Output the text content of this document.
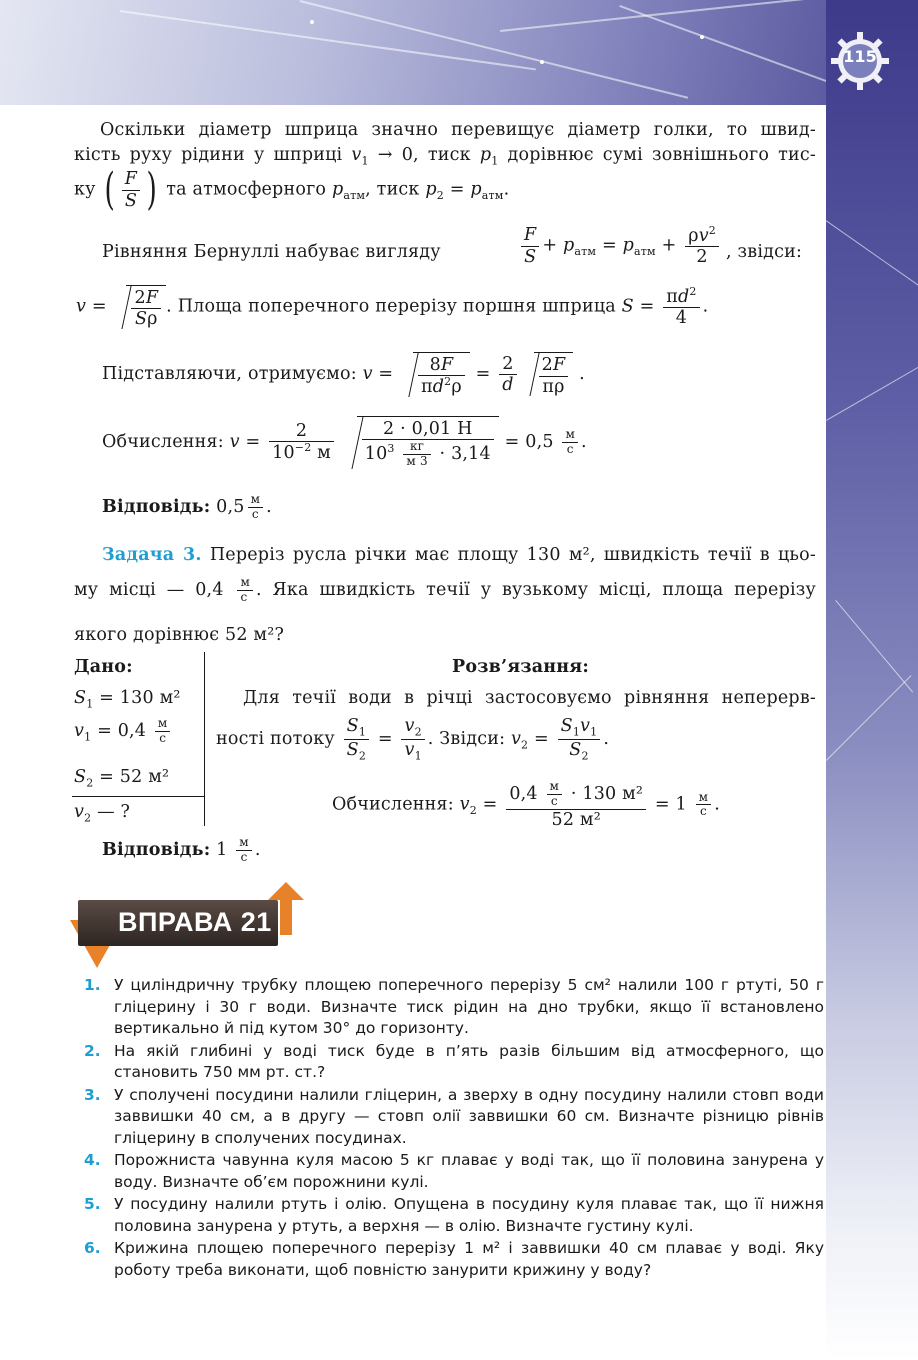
115
Оскільки діаметр шприца значно перевищує діаметр голки, то швид-
кість руху рідини у шприці $v_1 \to 0$, тиск $p_1$ дорівнює сумі зовнішнього тис-
ку ( $\frac{F}{S}$ ) та атмосферного $p_{атм}$, тиск $p_2 = p_{атм}$.
Рівняння Бернуллі набуває вигляду	$\frac{F}{S} + p_{атм} = p_{атм} + \frac{\rho v^2}{2}$ , звідси:
$v = \frac{2F}{S\rho}$ . Площа поперечного перерізу поршня шприца $S = \frac{\pi d^2}{4}$ .
Підставляючи, отримуємо: $v = \frac{8F}{\pi d^2\rho} = \frac{2}{d} \frac{2F}{\pi\rho}$ .
Обчислення: $v = \frac{2}{10^{-2} м}$
$\frac{2 \cdot 0,01 Н}{10^3 \frac{кг}{м 3} \cdot 3,14} = 0,5 \frac{м}{с}$ .
Відповідь: $0,5 \frac{м}{с}$ .
Задача 3. Переріз русла річки має площу 130 м², швидкість течії в цьо-
му місці — $0,4 \frac{м}{с}$ . Яка швидкість течії у вузькому місці, площа перерізу
якого дорівнює 52 м²?
Дано:
$S_1 = 130$ м²
$v_1 = 0,4 \frac{м}{с}$
$S_2 = 52$ м²
$v_2$ — ?
Розв’язання:
Для течії води в річці застосовуємо рівняння неперерв-
ності потоку $\frac{S_1}{S_2} = \frac{v_2}{v_1}$ . Звідси: $v_2 = \frac{S_1v_1}{S_2}$ .
Обчислення: $v_2 = \frac{0,4 \frac{м}{с} \cdot 130 м^2}{\text{52 м²}} = 1 \frac{м}{с}$ .
Відповідь: $1 \frac{м}{с}$ .
ВПРАВА 21
1. У циліндричну трубку площею поперечного перерізу 5 см² налили 100 г ртуті, 50 г гліцерину і 30 г води. Визначте тиск рідин на дно трубки, якщо її встановлено вертикально й під кутом 30° до горизонту.
2. На якій глибині у воді тиск буде в п’ять разів більшим від атмосферного, що становить 750 мм рт. ст.?
3. У сполучені посудини налили гліцерин, а зверху в одну посудину налили стовп води заввишки 40 см, а в другу — стовп олії заввишки 60 см. Визначте різницю рівнів гліцерину в сполучених посудинах.
4. Порожниста чавунна куля масою 5 кг плаває у воді так, що її половина занурена у воду. Визначте об’єм порожнини кулі.
5. У посудину налили ртуть і олію. Опущена в посудину куля плаває так, що її нижня половина занурена у ртуть, а верхня — в олію. Визначте густину кулі.
6. Крижина площею поперечного перерізу 1 м² і заввишки 40 см плаває у воді. Яку роботу треба виконати, щоб повністю занурити крижину у воду?
